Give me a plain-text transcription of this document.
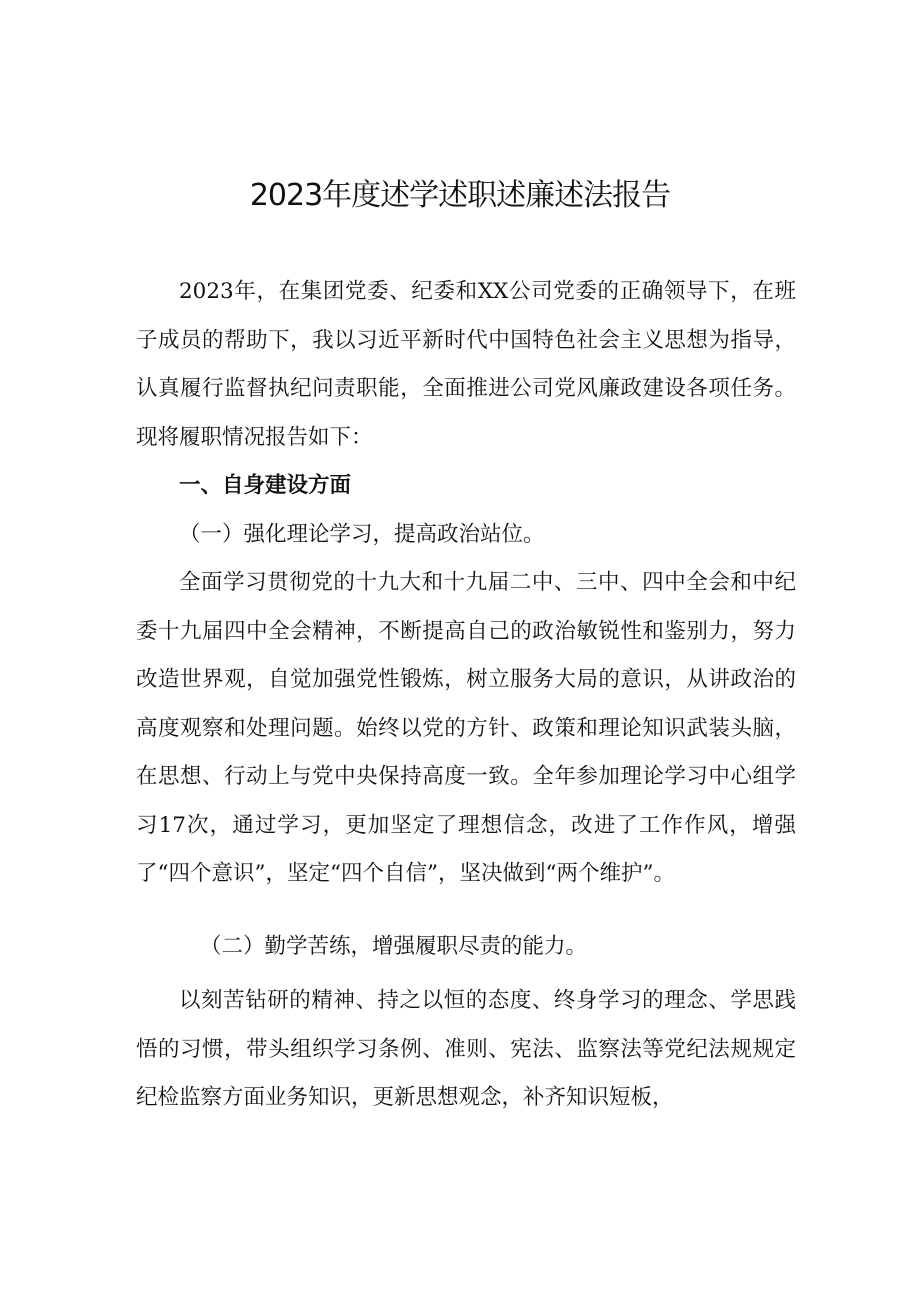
2023年度述学述职述廉述法报告

2023年，在集团党委、纪委和XX公司党委的正确领导下，在班子成员的帮助下，我以习近平新时代中国特色社会主义思想为指导，认真履行监督执纪问责职能，全面推进公司党风廉政建设各项任务。现将履职情况报告如下：

一、自身建设方面

（一）强化理论学习，提高政治站位。

全面学习贯彻党的十九大和十九届二中、三中、四中全会和中纪委十九届四中全会精神，不断提高自己的政治敏锐性和鉴别力，努力改造世界观，自觉加强党性锻炼，树立服务大局的意识，从讲政治的高度观察和处理问题。始终以党的方针、政策和理论知识武装头脑，在思想、行动上与党中央保持高度一致。全年参加理论学习中心组学习17次，通过学习，更加坚定了理想信念，改进了工作作风，增强了“四个意识”，坚定“四个自信”，坚决做到“两个维护”。

（二）勤学苦练，增强履职尽责的能力。

以刻苦钻研的精神、持之以恒的态度、终身学习的理念、学思践悟的习惯，带头组织学习条例、准则、宪法、监察法等党纪法规规定纪检监察方面业务知识，更新思想观念，补齐知识短板，
